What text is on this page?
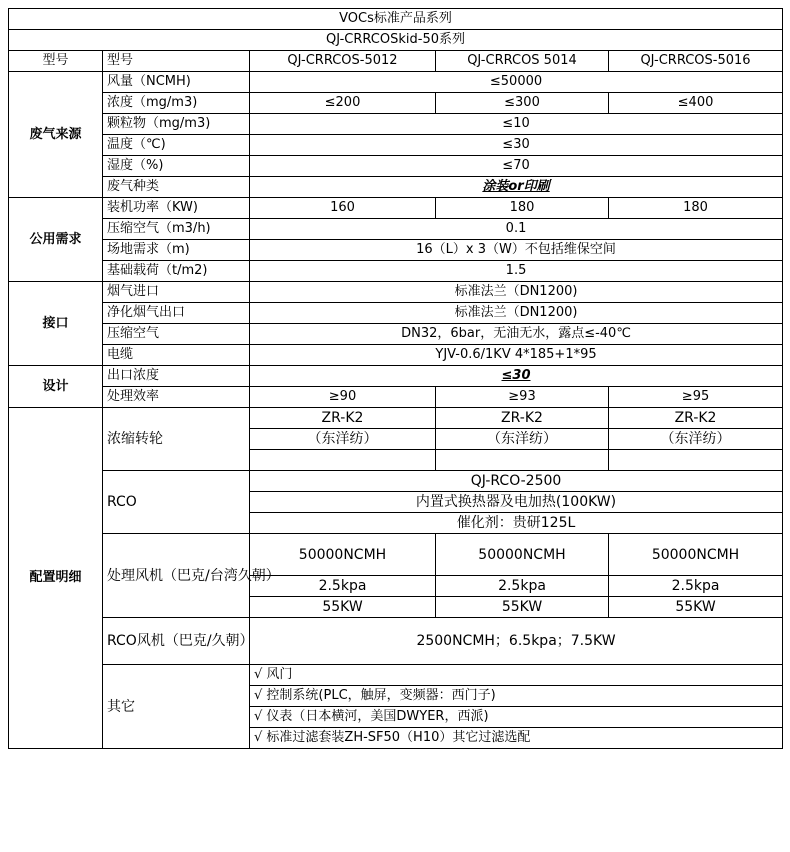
VOCs标准产品系列				
QJ-CRRCOSkid-50系列				
型号	型号	QJ-CRRCOS-5012	QJ-CRRCOS 5014	QJ-CRRCOS-5016
废气来源	风量（NCMH)	≤50000		
	浓度（mg/m3)	≤200	≤300	≤400
	颗粒物（mg/m3)	≤10		
	温度（℃)	≤30		
	湿度（%)	≤70		
	废气种类	涂装or印刷		
公用需求	装机功率（KW)	160	180	180
	压缩空气（m3/h)	0.1		
	场地需求（m)	16（L）x 3（W）不包括维保空间		
	基础载荷（t/m2)	1.5		
接口	烟气进口	标准法兰（DN1200)		
	净化烟气出口	标准法兰（DN1200)		
	压缩空气	DN32，6bar，无油无水，露点≤-40℃		
	电缆	YJV-0.6/1KV 4*185+1*95		
设计	出口浓度	≤30		
	处理效率	≥90	≥93	≥95
配置明细	浓缩转轮	ZR-K2	ZR-K2	ZR-K2
		（东洋纺）	（东洋纺）	（东洋纺）

	RCO	QJ-RCO-2500		
		内置式换热器及电加热(100KW)		
		催化剂：贵研125L		
	处理风机（巴克/台湾久朝）	50000NCMH	50000NCMH	50000NCMH
		2.5kpa	2.5kpa	2.5kpa
		55KW	55KW	55KW
	RCO风机（巴克/久朝）	2500NCMH；6.5kpa；7.5KW		
	其它	√ 风门		
		√ 控制系统(PLC，触屏，变频器：西门子)		
		√ 仪表（日本横河，美国DWYER，西派)		
		√ 标准过滤套装ZH-SF50（H10）其它过滤选配		
